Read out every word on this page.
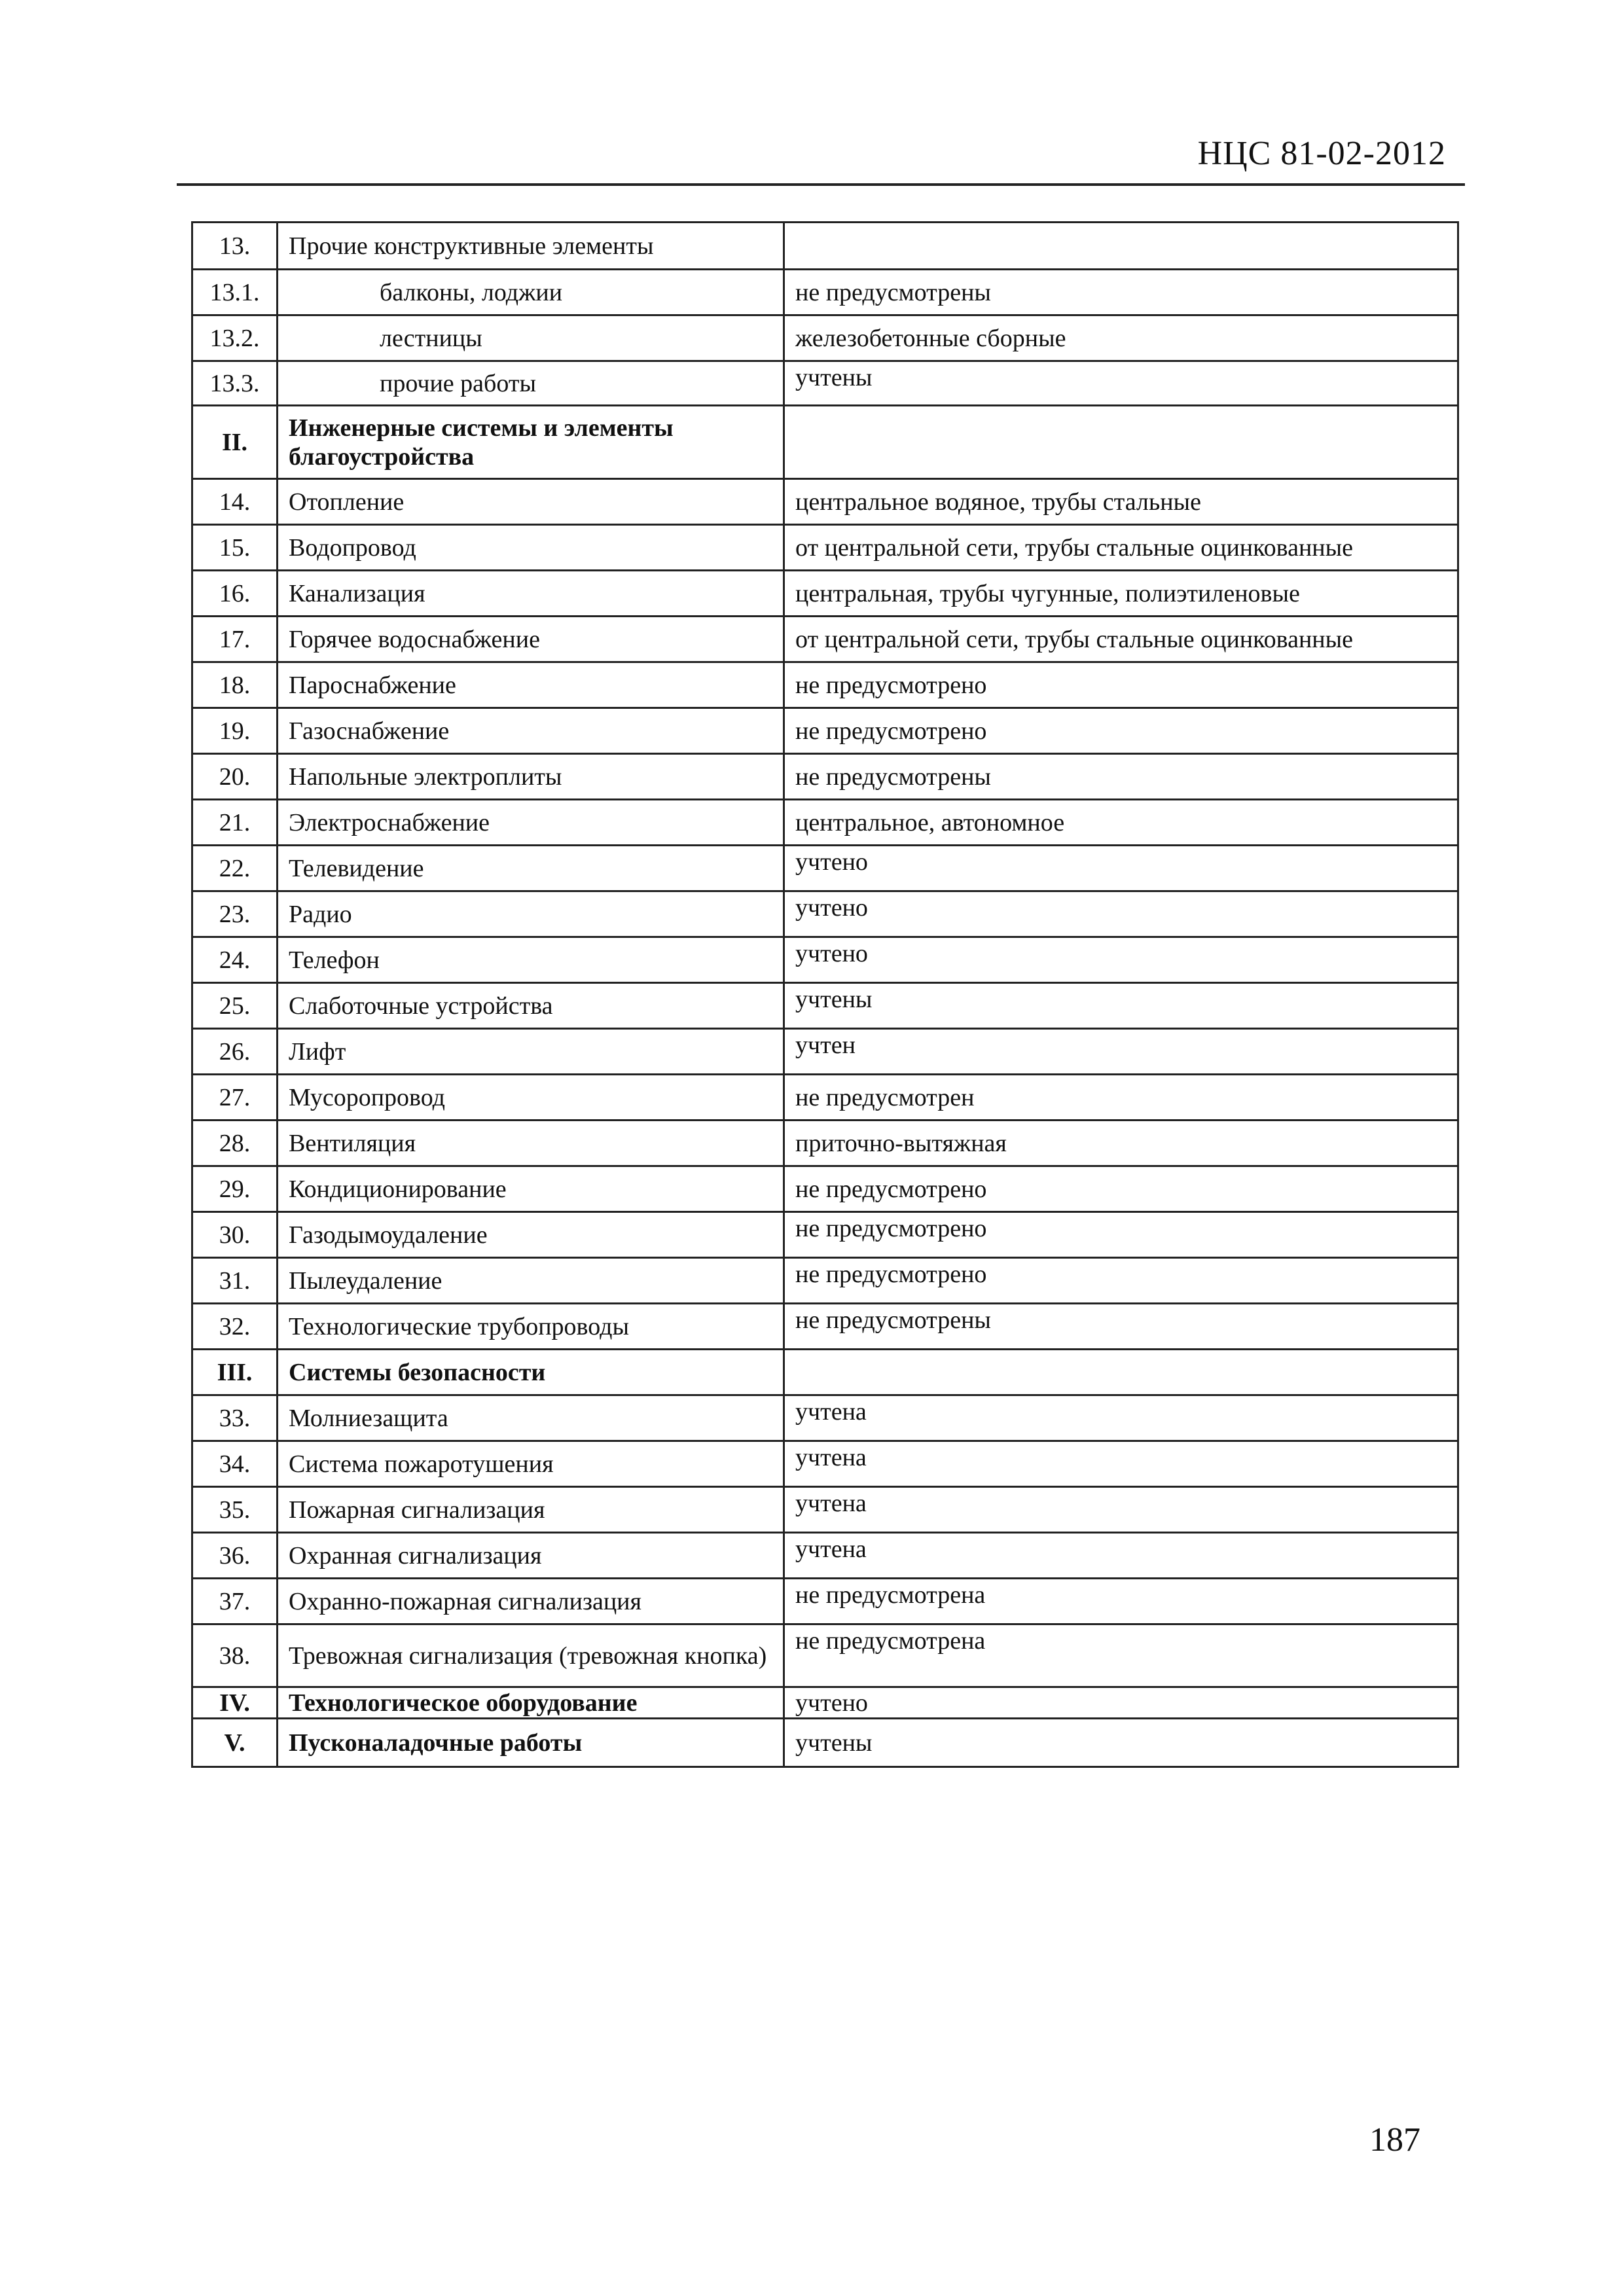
НЦС 81-02-2012
13.	Прочие конструктивные элементы	
13.1.	балконы, лоджии	не предусмотрены
13.2.	лестницы	железобетонные сборные
13.3.	прочие работы	учтены
II.	Инженерные системы и элементы благоустройства	
14.	Отопление	центральное водяное, трубы стальные
15.	Водопровод	от центральной сети, трубы стальные оцинкованные
16.	Канализация	центральная, трубы чугунные, полиэтиленовые
17.	Горячее водоснабжение	от центральной сети, трубы стальные оцинкованные
18.	Пароснабжение	не предусмотрено
19.	Газоснабжение	не предусмотрено
20.	Напольные электроплиты	не предусмотрены
21.	Электроснабжение	центральное, автономное
22.	Телевидение	учтено
23.	Радио	учтено
24.	Телефон	учтено
25.	Слаботочные устройства	учтены
26.	Лифт	учтен
27.	Мусоропровод	не предусмотрен
28.	Вентиляция	приточно-вытяжная
29.	Кондиционирование	не предусмотрено
30.	Газодымоудаление	не предусмотрено
31.	Пылеудаление	не предусмотрено
32.	Технологические трубопроводы	не предусмотрены
III.	Системы безопасности	
33.	Молниезащита	учтена
34.	Система пожаротушения	учтена
35.	Пожарная сигнализация	учтена
36.	Охранная сигнализация	учтена
37.	Охранно-пожарная сигнализация	не предусмотрена
38.	Тревожная сигнализация (тревожная кнопка)	не предусмотрена
IV.	Технологическое оборудование	учтено
V.	Пусконаладочные работы	учтены
187
